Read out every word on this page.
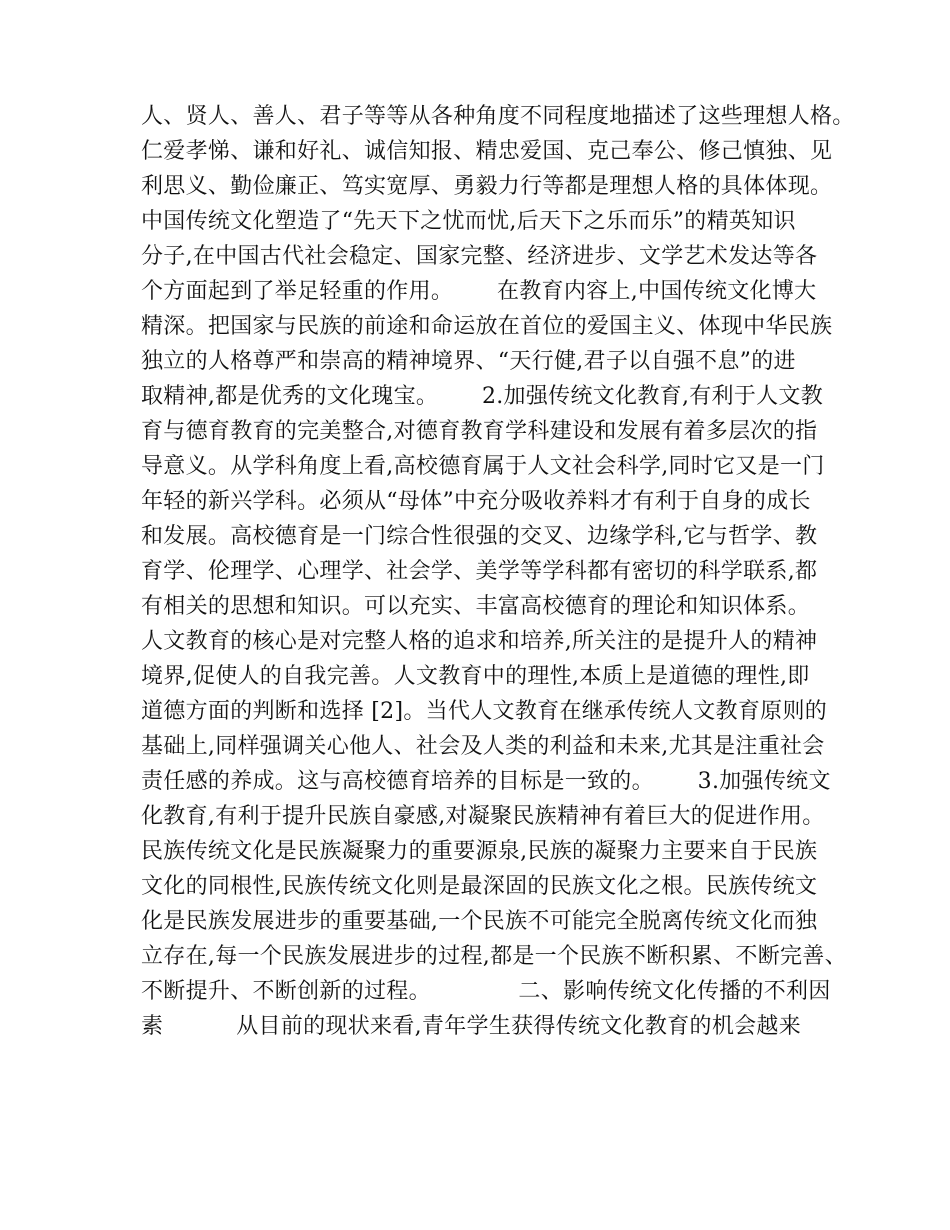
人、贤人、善人、君子等等从各种角度不同程度地描述了这些理想人格。
仁爱孝悌、谦和好礼、诚信知报、精忠爱国、克己奉公、修己慎独、见
利思义、勤俭廉正、笃实宽厚、勇毅力行等都是理想人格的具体体现。
中国传统文化塑造了“先天下之忧而忧,后天下之乐而乐”的精英知识
分子,在中国古代社会稳定、国家完整、经济进步、文学艺术发达等各
个方面起到了举足轻重的作用。      在教育内容上,中国传统文化博大
精深。把国家与民族的前途和命运放在首位的爱国主义、体现中华民族
独立的人格尊严和崇高的精神境界、“天行健,君子以自强不息”的进
取精神,都是优秀的文化瑰宝。      2.加强传统文化教育,有利于人文教
育与德育教育的完美整合,对德育教育学科建设和发展有着多层次的指
导意义。从学科角度上看,高校德育属于人文社会科学,同时它又是一门
年轻的新兴学科。必须从“母体”中充分吸收养料才有利于自身的成长
和发展。高校德育是一门综合性很强的交叉、边缘学科,它与哲学、教
育学、伦理学、心理学、社会学、美学等学科都有密切的科学联系,都
有相关的思想和知识。可以充实、丰富高校德育的理论和知识体系。
人文教育的核心是对完整人格的追求和培养,所关注的是提升人的精神
境界,促使人的自我完善。人文教育中的理性,本质上是道德的理性,即
道德方面的判断和选择 [2]。当代人文教育在继承传统人文教育原则的
基础上,同样强调关心他人、社会及人类的利益和未来,尤其是注重社会
责任感的养成。这与高校德育培养的目标是一致的。      3.加强传统文
化教育,有利于提升民族自豪感,对凝聚民族精神有着巨大的促进作用。
民族传统文化是民族凝聚力的重要源泉,民族的凝聚力主要来自于民族
文化的同根性,民族传统文化则是最深固的民族文化之根。民族传统文
化是民族发展进步的重要基础,一个民族不可能完全脱离传统文化而独
立存在,每一个民族发展进步的过程,都是一个民族不断积累、不断完善、
不断提升、不断创新的过程。            二、影响传统文化传播的不利因
素          从目前的现状来看,青年学生获得传统文化教育的机会越来
